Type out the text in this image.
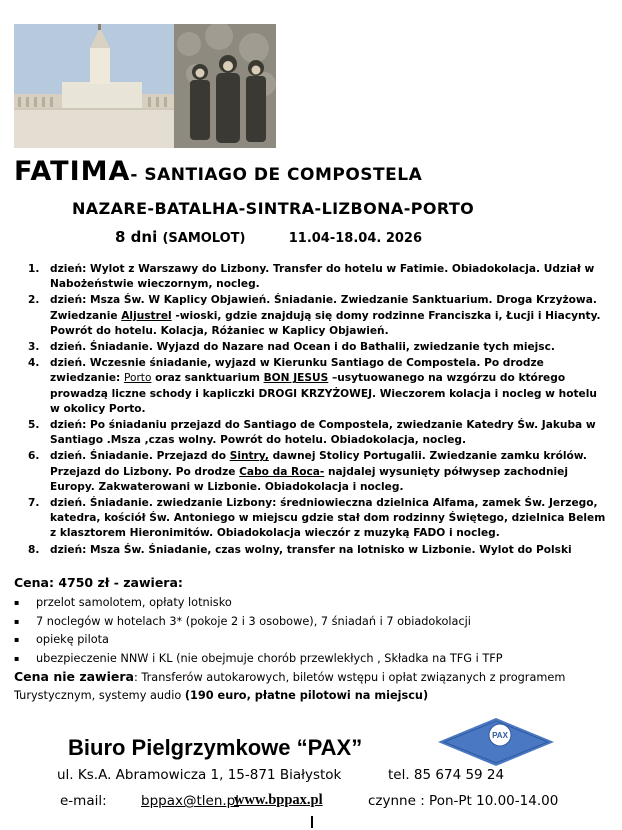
FATIMA- SANTIAGO DE COMPOSTELA
NAZARE-BATALHA-SINTRA-LIZBONA-PORTO
8 dni (SAMOLOT)	11.04-18.04. 2026
1. dzień: Wylot z Warszawy do Lizbony. Transfer do hotelu w Fatimie. Obiadokolacja. Udział w Nabożeństwie wieczornym, nocleg.
2. dzień: Msza Św. W Kaplicy Objawień. Śniadanie. Zwiedzanie Sanktuarium. Droga Krzyżowa. Zwiedzanie Aljustrel -wioski, gdzie znajdują się domy rodzinne Franciszka i, Łucji i Hiacynty. Powrót do hotelu. Kolacja, Różaniec w Kaplicy Objawień.
3. dzień. Śniadanie. Wyjazd do Nazare nad Ocean i do Bathalii, zwiedzanie tych miejsc.
4. dzień. Wczesnie śniadanie, wyjazd w Kierunku Santiago de Compostela. Po drodze zwiedzanie: Porto oraz sanktuarium BON JESUS –usytuowanego na wzgórzu do którego prowadzą liczne schody i kapliczki DROGI KRZYŻOWEJ. Wieczorem kolacja i nocleg w hotelu w okolicy Porto.
5. dzień: Po śniadaniu przejazd do Santiago de Compostela, zwiedzanie Katedry Św. Jakuba w Santiago .Msza ,czas wolny. Powrót do hotelu. Obiadokolacja, nocleg.
6. dzień. Śniadanie. Przejazd do Sintry, dawnej Stolicy Portugalii. Zwiedzanie zamku królów. Przejazd do Lizbony. Po drodze Cabo da Roca- najdalej wysunięty półwysep zachodniej Europy. Zakwaterowani w Lizbonie. Obiadokolacja i nocleg.
7. dzień. Śniadanie. zwiedzanie Lizbony: średniowieczna dzielnica Alfama, zamek Św. Jerzego, katedra, kościół Św. Antoniego w miejscu gdzie stał dom rodzinny Świętego, dzielnica Belem z klasztorem Hieronimitów. Obiadokolacja wieczór z muzyką FADO i nocleg.
8. dzień: Msza Św. Śniadanie, czas wolny, transfer na lotnisko w Lizbonie. Wylot do Polski
Cena: 4750 zł - zawiera:
▪ przelot samolotem, opłaty lotnisko
▪ 7 noclegów w hotelach 3* (pokoje 2 i 3 osobowe), 7 śniadań i 7 obiadokolacji
▪ opiekę pilota
▪ ubezpieczenie NNW i KL (nie obejmuje chorób przewlekłych , Składka na TFG i TFP
Cena nie zawiera: Transferów autokarowych, biletów wstępu i opłat związanych z programem Turystycznym, systemy audio (190 euro, płatne pilotowi na miejscu)
Biuro Pielgrzymkowe “PAX”
ul. Ks.A. Abramowicza 1, 15-871 Białystok	tel. 85 674 59 24
e-mail:	bppax@tlen.pl
www.bppax.pl	czynne : Pon-Pt 10.00-14.00
PAX
